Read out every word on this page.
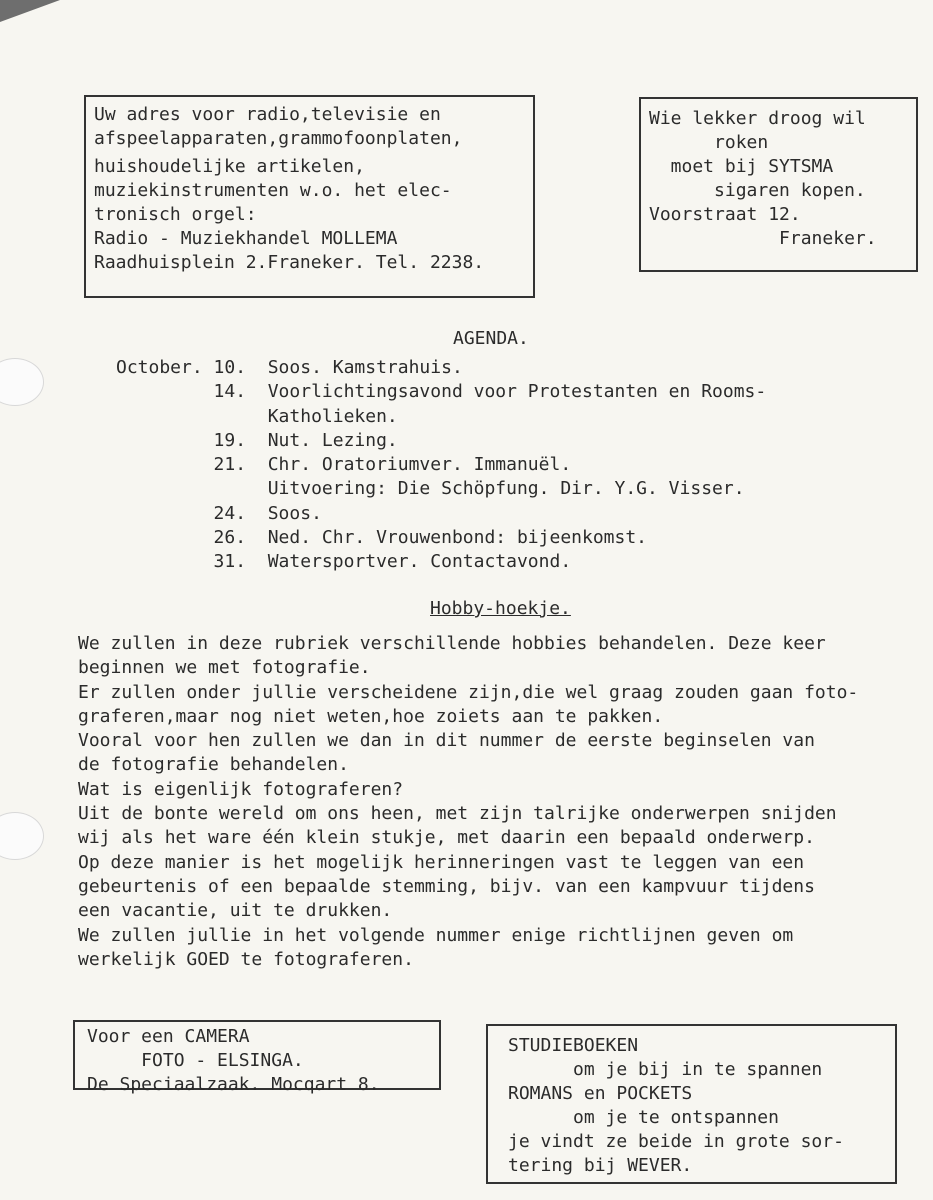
Uw adres voor radio,televisie en
afspeelapparaten,grammofoonplaten,
huishoudelijke artikelen,
muziekinstrumenten w.o. het elec-
tronisch orgel:
Radio - Muziekhandel MOLLEMA
Raadhuisplein 2.Franeker. Tel. 2238.
Wie lekker droog wil
roken
moet bij SYTSMA
sigaren kopen.
Voorstraat 12.
Franeker.
AGENDA.
October. 10.  Soos. Kamstrahuis.
14.  Voorlichtingsavond voor Protestanten en Rooms-
Katholieken.
19.  Nut. Lezing.
21.  Chr. Oratoriumver. Immanuël.
Uitvoering: Die Schöpfung. Dir. Y.G. Visser.
24.  Soos.
26.  Ned. Chr. Vrouwenbond: bijeenkomst.
31.  Watersportver. Contactavond.
Hobby-hoekje.
We zullen in deze rubriek verschillende hobbies behandelen. Deze keer
beginnen we met fotografie.
Er zullen onder jullie verscheidene zijn,die wel graag zouden gaan foto-
graferen,maar nog niet weten,hoe zoiets aan te pakken.
Vooral voor hen zullen we dan in dit nummer de eerste beginselen van
de fotografie behandelen.
Wat is eigenlijk fotograferen?
Uit de bonte wereld om ons heen, met zijn talrijke onderwerpen snijden
wij als het ware één klein stukje, met daarin een bepaald onderwerp.
Op deze manier is het mogelijk herinneringen vast te leggen van een
gebeurtenis of een bepaalde stemming, bijv. van een kampvuur tijdens
een vacantie, uit te drukken.
We zullen jullie in het volgende nummer enige richtlijnen geven om
werkelijk GOED te fotograferen.
Voor een CAMERA
FOTO - ELSINGA.
De Speciaalzaak. Mocqart 8.
STUDIEBOEKEN
om je bij in te spannen
ROMANS en POCKETS
om je te ontspannen
je vindt ze beide in grote sor-
tering bij WEVER.
